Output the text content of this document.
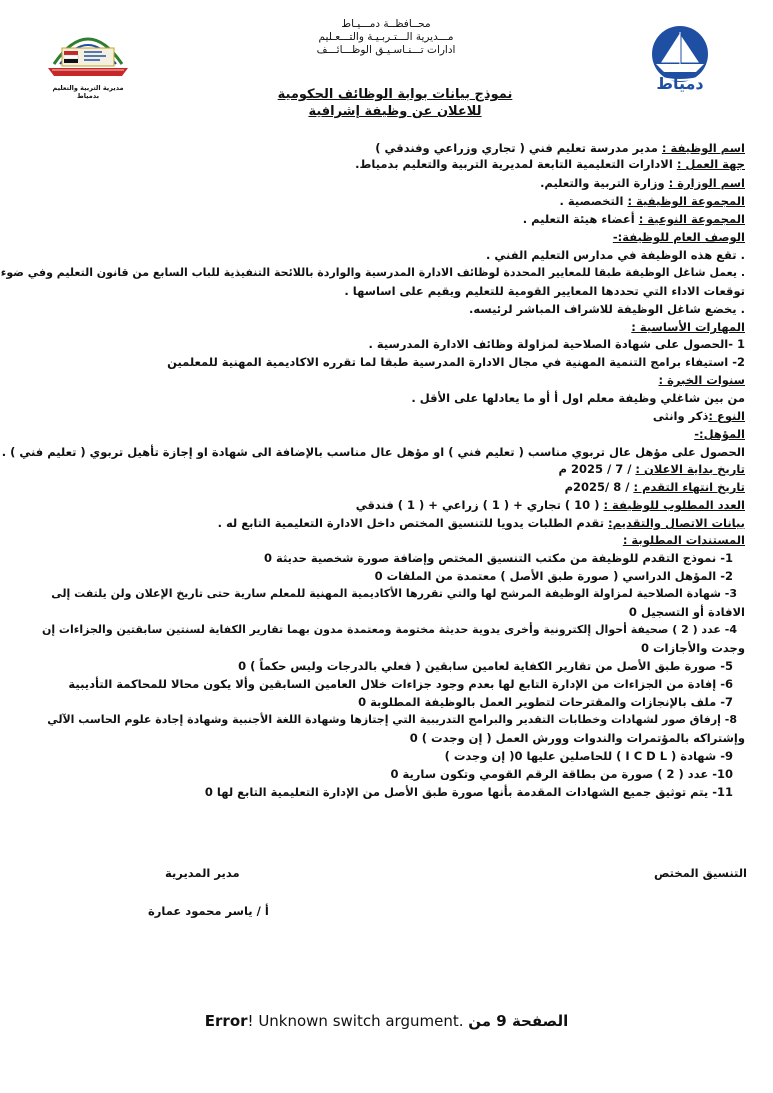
مديرية التربية والتعليم بدمياط
محــافظــة دمـــيـاط
مـــديرية الـــتـربـيـة والتـــعـليم
ادارات تـــنـاسـيـق الوظـــائـــف
دمياط
نموذج بيانات بوابة الوظائف الحكومية
للاعلان عن وظيفة إشرافية
اسم الوظيفة : مدير مدرسة تعليم فني ( تجاري وزراعي وفندقي )
جهة العمل : الادارات التعليمية التابعة لمديرية التربية والتعليم بدمياط.
اسم الوزارة : وزارة التربية والتعليم.
المجموعة الوظيفية : التخصصية .
المجموعة النوعية : أعضاء هيئة التعليم .
الوصف العام للوظيفة:-
. تقع هذه الوظيفة في مدارس التعليم الفني .
. يعمل شاغل الوظيفة طبقا للمعايير المحددة لوظائف الادارة المدرسية والواردة باللائحة التنفيذية للباب السابع من قانون التعليم وفي ضوء
توقعات الاداء التي تحددها المعايير القومية للتعليم ويقيم على اساسها .
. يخضع شاغل الوظيفة للاشراف المباشر لرئيسه.
المهارات الأساسية :
1 -الحصول على شهادة الصلاحية لمزاولة وظائف الادارة المدرسية .
2- استيفاء برامج التنمية المهنية في مجال الادارة المدرسية طبقا لما تقرره الاكاديمية المهنية للمعلمين
سنوات الخبرة :
من بين شاغلي وظيفة معلم اول أ أو ما يعادلها على الأقل .
النوع :ذكر وانثى
المؤهل:-
الحصول على مؤهل عال تربوي مناسب ( تعليم فني ) او مؤهل عال مناسب بالإضافة الى شهادة او إجازة تأهيل تربوي ( تعليم فني ) .
تاريخ بداية الاعلان : / 7 / 2025 م
تاريخ انتهاء التقدم : / 8 /2025م
العدد المطلوب للوظيفة : ( 10 ) تجاري + ( 1 ) زراعي + ( 1 ) فندقي
بيانات الاتصال والتقديم: تقدم الطلبات يدويا للتنسيق المختص داخل الادارة التعليمية التابع له .
المستندات المطلوبة :
1- نموذج التقدم للوظيفة من مكتب التنسيق المختص وإضافة صورة شخصية حديثة 0
2- المؤهل الدراسي ( صورة طبق الأصل ) معتمدة من الملفات 0
3- شهادة الصلاحية لمزاولة الوظيفة المرشح لها والتي تقررها الأكاديمية المهنية للمعلم سارية حتى تاريخ الإعلان ولن يلتفت إلى
الافادة أو التسجيل 0
4- عدد ( 2 ) صحيفة أحوال إلكترونية وأخرى يدوية حديثة مختومة ومعتمدة مدون بهما تقارير الكفاية لسنتين سابقتين والجزاءات إن
وجدت والأجازات 0
5- صورة طبق الأصل من تقارير الكفاية لعامين سابقين ( فعلي بالدرجات وليس حكماً ) 0
6- إفادة من الجزاءات من الإدارة التابع لها بعدم وجود جزاءات خلال العامين السابقين وألا يكون محالا للمحاكمة التأديبية
7- ملف بالإنجازات والمقترحات لتطوير العمل بالوظيفة المطلوبة 0
8- إرفاق صور لشهادات وخطابات التقدير والبرامج التدريبية التي إجتازها وشهادة اللغة الأجنبية وشهادة إجادة علوم الحاسب الآلي
وإشتراكه بالمؤتمرات والندوات وورش العمل ( إن وجدت ) 0
9- شهادة ( I C D L ) للحاصلين عليها 0( إن وجدت )
10- عدد ( 2 ) صورة من بطاقة الرقم القومي وتكون سارية 0
11- يتم توثيق جميع الشهادات المقدمة بأنها صورة طبق الأصل من الإدارة التعليمية التابع لها 0
التنسيق المختص
مدير المديرية
أ / ياسر محمود عمارة
Error! Unknown switch argument. الصفحة 9 من
